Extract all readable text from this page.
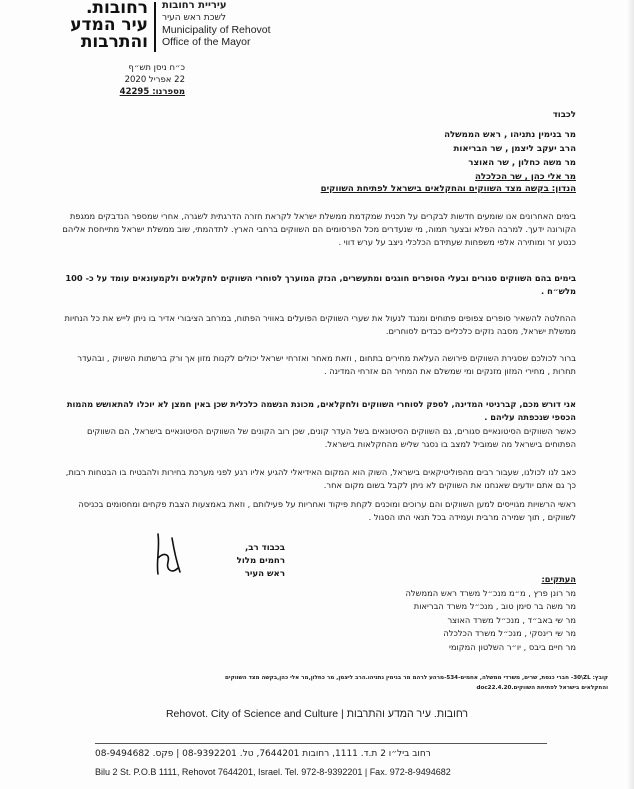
רחובות.
עיר המדע
והתרבות
עיריית רחובות
לשכת ראש העיר
Municipality of Rehovot
Office of the Mayor
כ״ח ניסן תש״ף
22 אפריל 2020
מספרנו: 42295
לכבוד
מר בנימין נתניהו , ראש הממשלה
הרב יעקב ליצמן , שר הבריאות
מר משה כחלון , שר האוצר
מר אלי כהן , שר הכלכלה
הנדון: בקשה מצד השווקים והחקלאים בישראל לפתיחת השווקים
בימים האחרונים אנו שומעים חדשות לבקרים על תכנית שמקדמת ממשלת ישראל לקראת חזרה הדרגתית לשגרה, אחרי שמספר הנדבקים ממגפת הקורונה ידעך. למרבה הפלא ובצער תמוה, מי שנעדרים מכל הפרסומים הם השווקים ברחבי הארץ. לתדהמתי, שוב ממשלת ישראל מתייחסת אליהם כנטע זר ומותירה אלפי משפחות שעתידם הכלכלי ניצב על ערש דווי .
בימים בהם השווקים סגורים ובעלי הסופרים חוגגים ומתעשרים, הנזק המוערך לסוחרי השווקים לחקלאים ולקמעונאים עומד על כ- 100 מלש״ח .
ההחלטה להשאיר סופרים צפופים פתוחים ומנגד לנעול את שערי השווקים הפועלים באוויר הפתוח, במרחב הציבורי אדיר בו ניתן לייש את כל הנחיות ממשלת ישראל, מסבה נזקים כלכליים כבדים לסוחרים.
ברור לכולכם שסגירת השווקים פירושה העלאת מחירים בתחום , וזאת מאחר ואזרחי ישראל יכולים לקנות מזון אך ורק ברשתות השיווק , ובהעדר תחרות , מחירי המזון מזנקים ומי שמשלם את המחיר הם אזרחי המדינה .
אני דורש מכם, קברניטי המדינה, לספק לסוחרי השווקים ולחקלאים, מכונת הנשמה כלכלית שכן באין חמצן לא יוכלו להתאושש מהמות הכספי שנכפתה עליהם .
כאשר השווקים הסיטונאיים סגורים, גם השווקים הסיטונאים בשל העדר קונים, שכן רוב הקונים של השווקים הסיטונאיים בישראל, הם השווקים הפתוחים בישראל מה שמוביל למצב בו נסגר שליש מהחקלאות בישראל.
כאב לנו לכולנו, שעבור רבים מהפוליטיקאים בישראל, השוק הוא המקום האידיאלי להגיע אליו רגע לפני מערכת בחירות ולהבטיח בו הבטחות רבות, כך גם אתם יודעים שאנחנו את השווקים לא ניתן לקבל בשום מקום אחר.
ראשי הרשויות מגוייסים למען השווקים והם ערוכים ומוכנים לקחת פיקוד ואחריות על פעילותם , וזאת באמצעות הצבת פקחים ומחסומים בכניסה לשווקים , תוך שמירה מרבית ועמידה בכל תנאי התו הסגול .
בכבוד רב,
רחמים מלול
ראש העיר	העתקים:
מר רונן פרץ , מ״מ מנכ״ל משרד ראש הממשלה
מר משה בר סימן טוב , מנכ״ל משרד הבריאות
מר שי באב״ד , מנכ״ל משרד האוצר
מר שי רינסקי , מנכ״ל משרד הכלכלה
מר חיים ביבס , יו״ר השלטון המקומי
קובץ: ‎-30\ZL‎ חברי כנסת, שרים, משרדי ממשלה, אחמים-534-מרהע לרהמ מר בנימין נתניהו.הרב ליצמן, מר כחלון,מר אלי כהן,בקשה מצד השווקים
והחקלאים בישראל לפתיחת השווקים.doc22.4.20
Rehovot. City of Science and Culture | רחובות. עיר המדע והתרבות
רחוב ביל״ו 2 ת.ד. 1111, רחובות 7644201, טל. 08-9392201 | פקס. 08-9494682
Bilu 2 St. P.O.B 1111, Rehovot 7644201, Israel. Tel. 972-8-9392201 | Fax. 972-8-9494682
